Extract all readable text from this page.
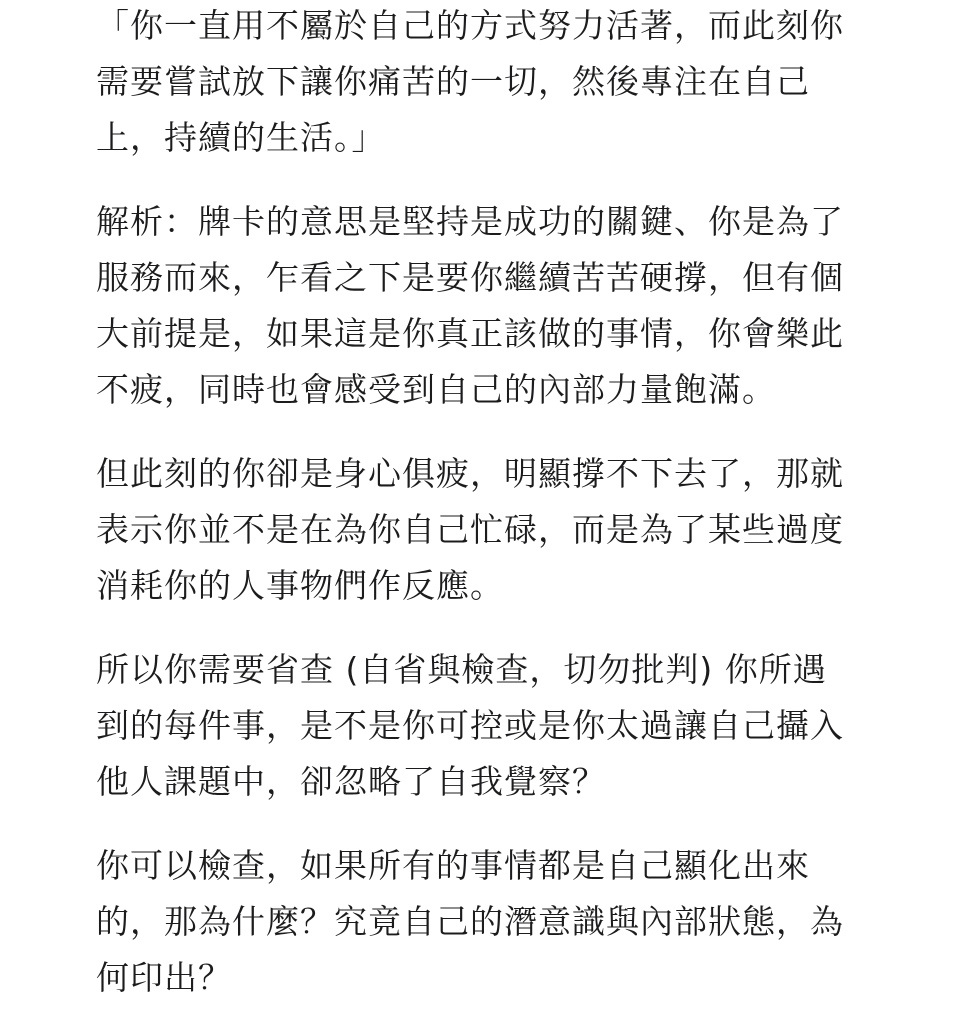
「你一直用不屬於自己的方式努力活著，而此刻你
需要嘗試放下讓你痛苦的一切，然後專注在自己
上，持續的生活。」
解析：牌卡的意思是堅持是成功的關鍵、你是為了
服務而來，乍看之下是要你繼續苦苦硬撐，但有個
大前提是，如果這是你真正該做的事情，你會樂此
不疲，同時也會感受到自己的內部力量飽滿。
但此刻的你卻是身心俱疲，明顯撐不下去了，那就
表示你並不是在為你自己忙碌，而是為了某些過度
消耗你的人事物們作反應。
所以你需要省查 (自省與檢查，切勿批判) 你所遇
到的每件事，是不是你可控或是你太過讓自己攝入
他人課題中，卻忽略了自我覺察？
你可以檢查，如果所有的事情都是自己顯化出來
的，那為什麼？究竟自己的潛意識與內部狀態，為
何印出？
